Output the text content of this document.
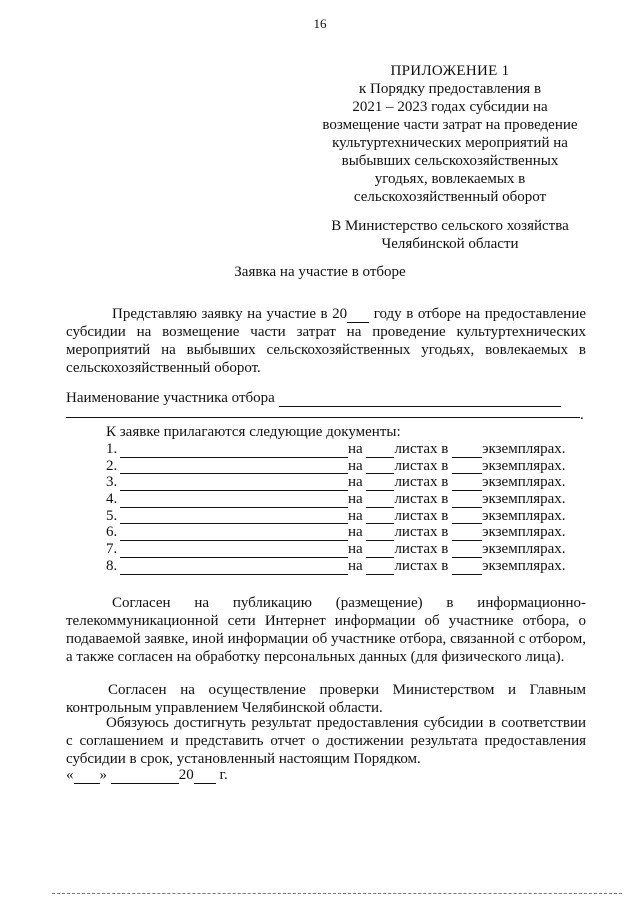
16
ПРИЛОЖЕНИЕ 1
к Порядку предоставления в
2021 – 2023 годах субсидии на
возмещение части затрат на проведение
культуртехнических мероприятий на
выбывших сельскохозяйственных
угодьях, вовлекаемых в
сельскохозяйственный оборот
В Министерство сельского хозяйства
Челябинской области
Заявка на участие в отборе

Представляю заявку на участие в 20 году в отборе на предоставление субсидии на возмещение части затрат на проведение культуртехнических мероприятий на выбывших сельскохозяйственных угодьях, вовлекаемых в сельскохозяйственный оборот.

Наименование участника отбора
.
К заявке прилагаются следующие документы:
1.	на листах в экземплярах.
2.	на листах в экземплярах.
3.	на листах в экземплярах.
4.	на листах в экземплярах.
5.	на листах в экземплярах.
6.	на листах в экземплярах.
7.	на листах в экземплярах.
8.	на листах в экземплярах.

Согласен на публикацию (размещение) в информационно-телекоммуникационной сети Интернет информации об участнике отбора, о подаваемой заявке, иной информации об участнике отбора, связанной с отбором, а также согласен на обработку персональных данных (для физического лица).

Согласен на осуществление проверки Министерством и Главным контрольным управлением Челябинской области.

Обязуюсь достигнуть результат предоставления субсидии в соответствии с соглашением и представить отчет о достижении результата предоставления субсидии в срок, установленный настоящим Порядком.

« »	20 г.
